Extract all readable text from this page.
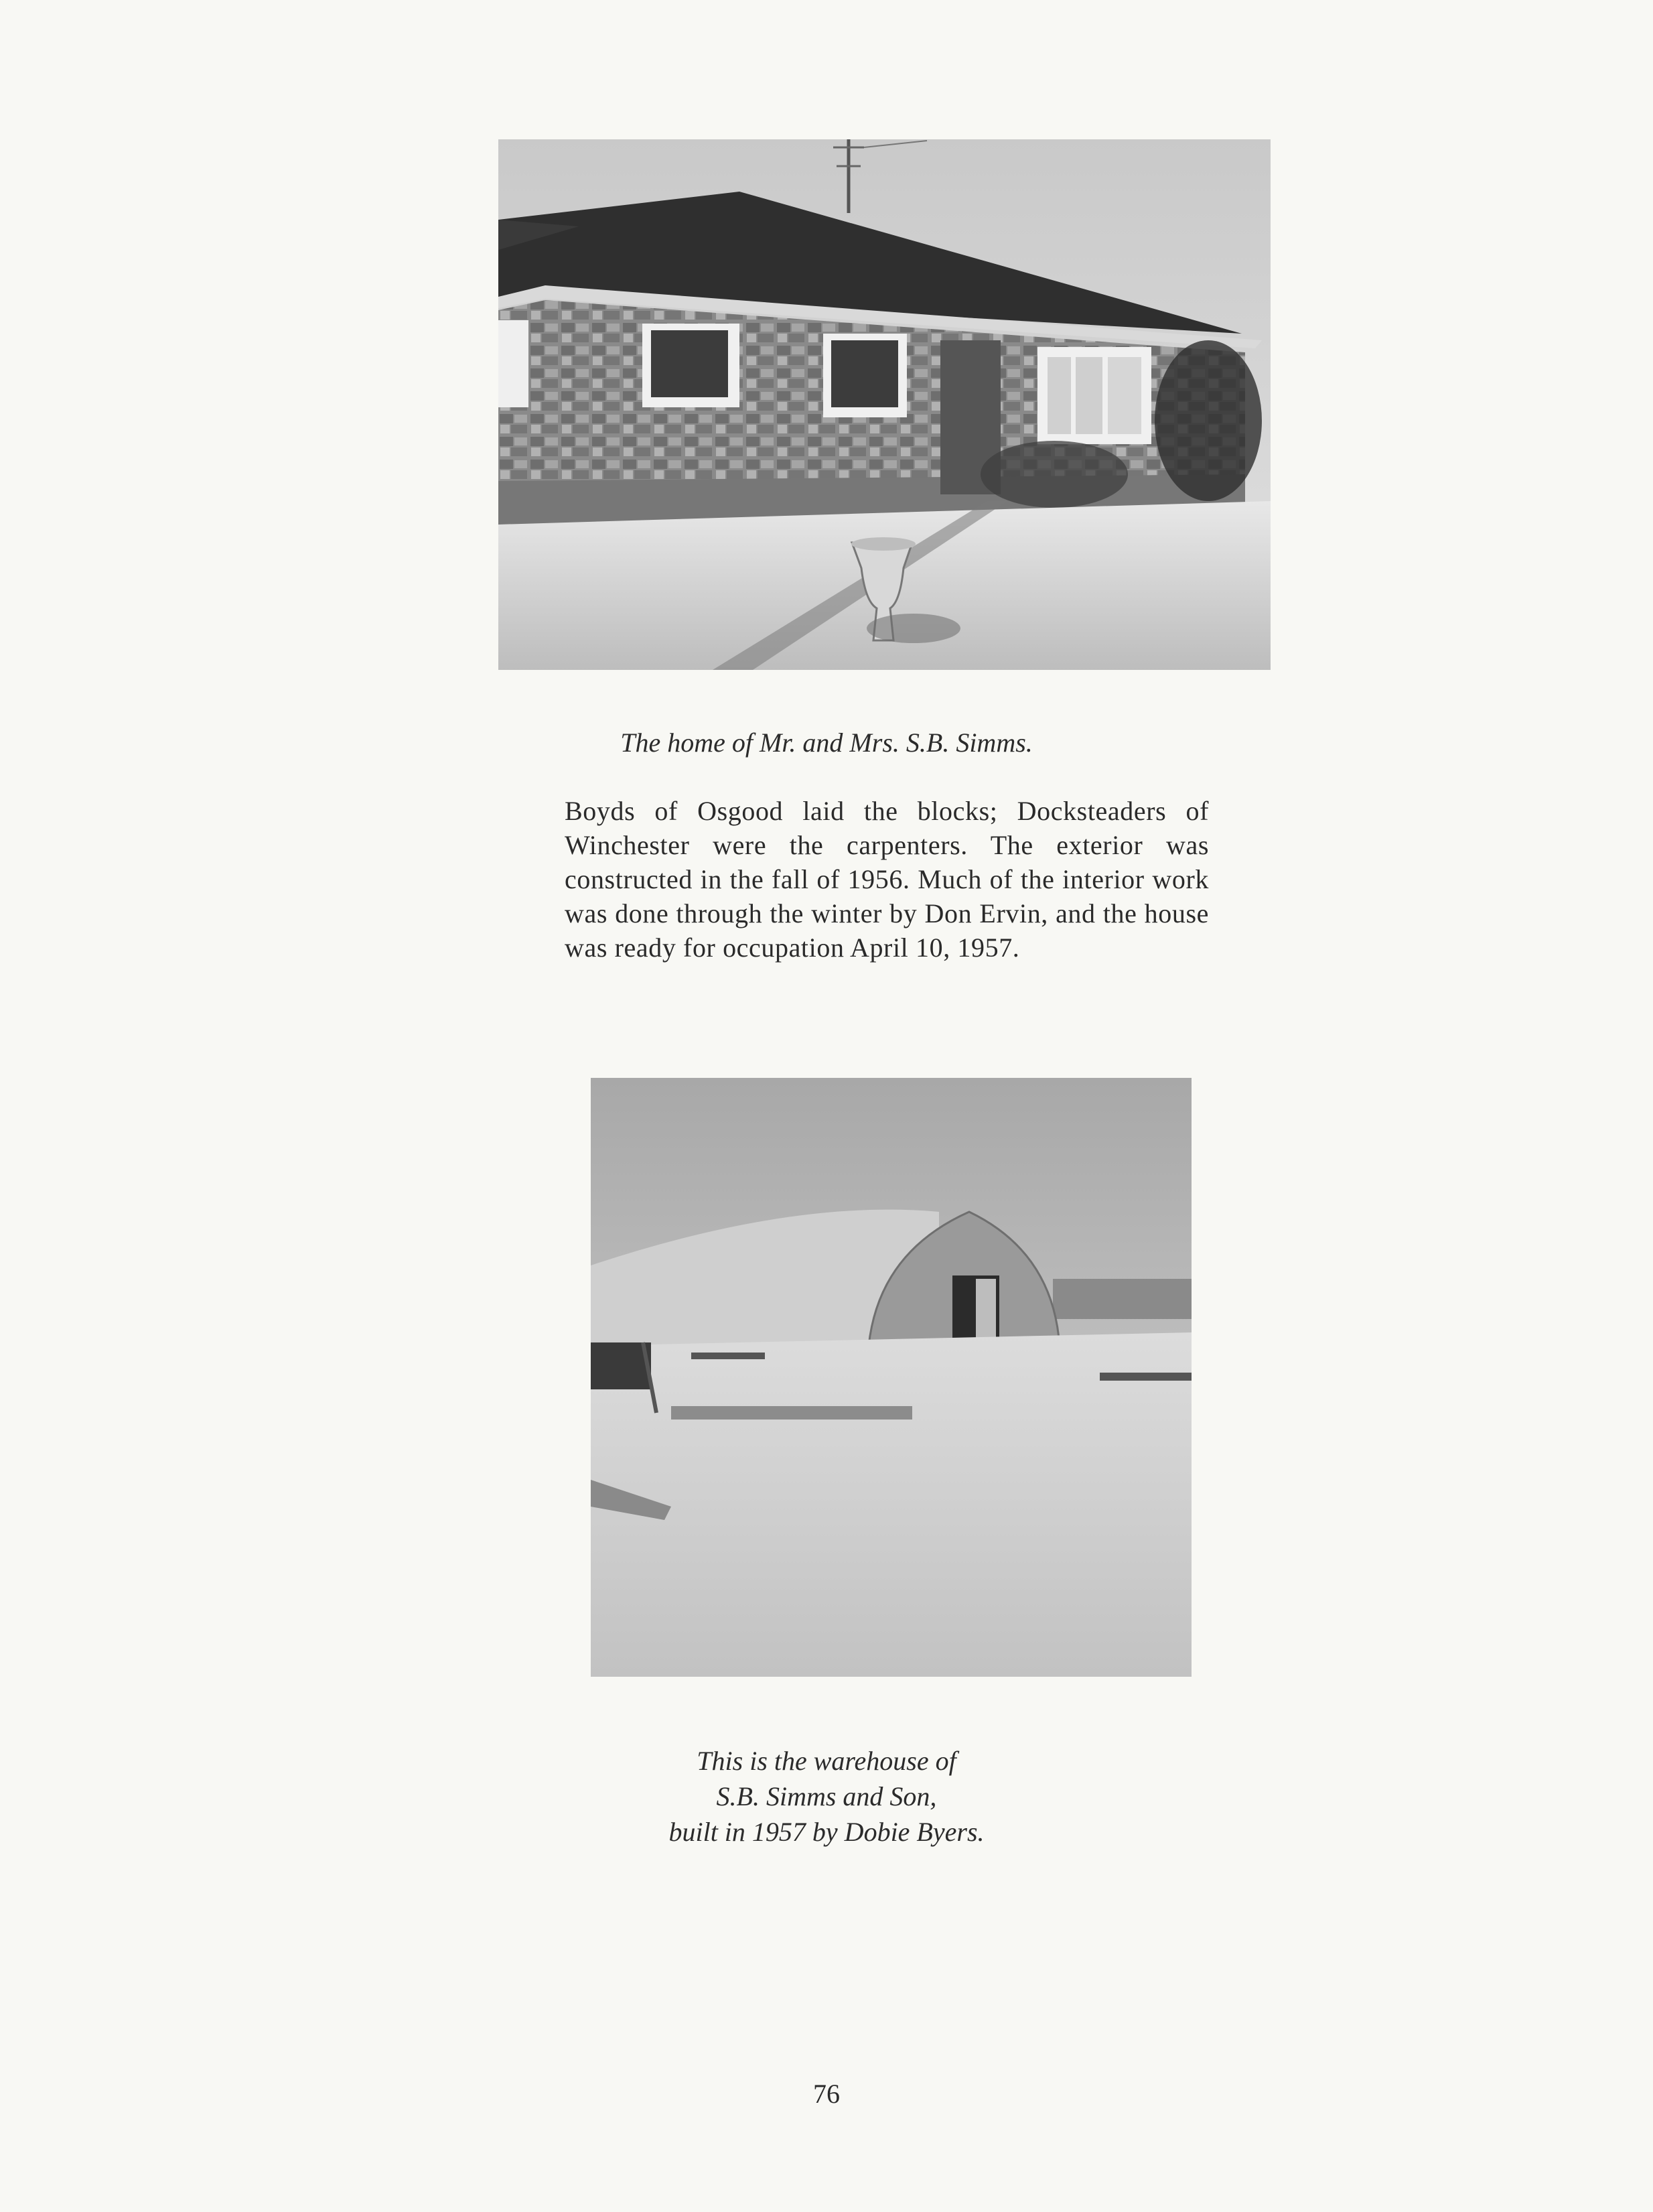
The home of Mr. and Mrs. S.B. Simms.
Boyds of Osgood laid the blocks; Docksteaders of Winchester were the carpenters. The exterior was constructed in the fall of 1956. Much of the interior work was done through the winter by Don Ervin, and the house was ready for occupation April 10, 1957.
This is the warehouse of
S.B. Simms and Son,
built in 1957 by Dobie Byers.
76
